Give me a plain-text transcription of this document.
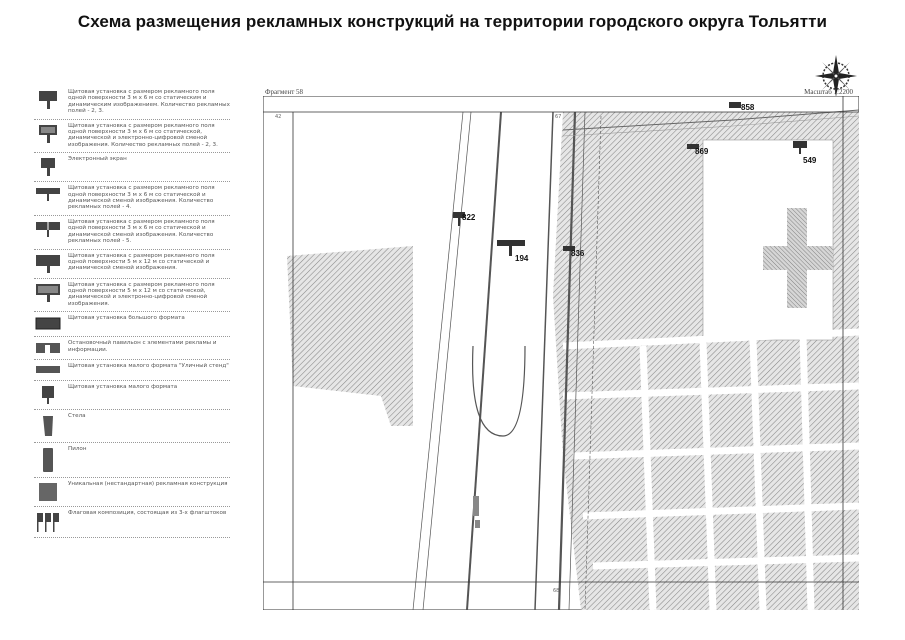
Схема размещения рекламных конструкций на территории городского округа Тольятти
Щитовая установка с размером рекламного поля одной поверхности 3 м х 6 м со статическим и динамическим изображением. Количество рекламных полей - 2, 3.
Щитовая установка с размером рекламного поля одной поверхности 3 м х 6 м со статической, динамической и электронно-цифровой сменой изображения. Количество рекламных полей - 2, 3.
Электронный экран
Щитовая установка с размером рекламного поля одной поверхности 3 м х 6 м со статической и динамической сменой изображения. Количество рекламных полей - 4.
Щитовая установка с размером рекламного поля одной поверхности 3 м х 6 м со статической и динамической сменой изображения. Количество рекламных полей - 5.
Щитовая установка с размером рекламного поля одной поверхности 5 м х 12 м со статической и динамической сменой изображения.
Щитовая установка с размером рекламного поля одной поверхности 5 м х 12 м со статической, динамической и электронно-цифровой сменой изображения.
Щитовая установка большого формата
Остановочный павильон с элементами рекламы и информации.
Щитовая установка малого формата "Уличный стенд"
Щитовая установка малого формата
Стела
Пилон
Уникальная (нестандартная) рекламная конструкция
Флаговая композиция, состоящая из 3-х флагштоков
Фрагмент 58	Масштаб 1:2200
42	67
68
858
869
549
822
194
836
